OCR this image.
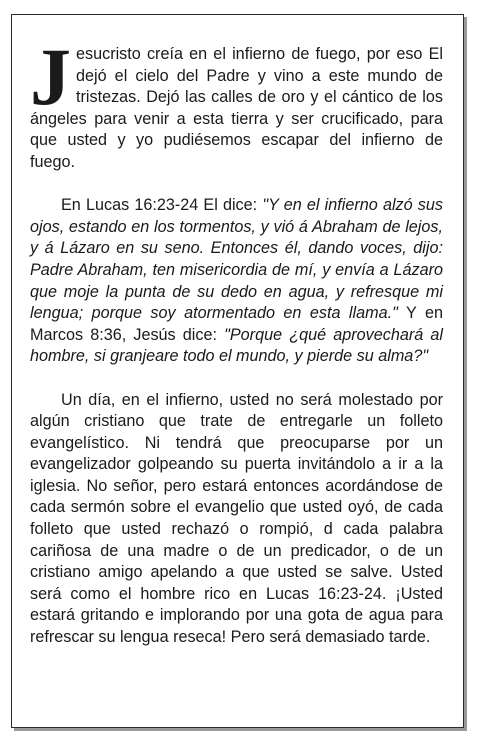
Jesucristo creía en el infierno de fuego, por eso El dejó el cielo del Padre y vino a este mundo de tristezas. Dejó las calles de oro y el cántico de los ángeles para venir a esta tierra y ser crucificado, para que usted y yo pudiésemos escapar del infierno de fuego.

En Lucas 16:23-24 El dice: "Y en el infierno alzó sus ojos, estando en los tormentos, y vió á Abraham de lejos, y á Lázaro en su seno. Entonces él, dando voces, dijo: Padre Abraham, ten misericordia de mí, y envía a Lázaro que moje la punta de su dedo en agua, y refresque mi lengua; porque soy atormentado en esta llama." Y en Marcos 8:36, Jesús dice: "Porque ¿qué aprovechará al hombre, si granjeare todo el mundo, y pierde su alma?"

Un día, en el infierno, usted no será molestado por algún cristiano que trate de entregarle un folleto evangelístico. Ni tendrá que preocuparse por un evangelizador golpeando su puerta invitándolo a ir a la iglesia. No señor, pero estará entonces acordándose de cada sermón sobre el evangelio que usted oyó, de cada folleto que usted rechazó o rompió, d cada palabra cariñosa de una madre o de un predicador, o de un cristiano amigo apelando a que usted se salve. Usted será como el hombre rico en Lucas 16:23-24. ¡Usted estará gritando e implorando por una gota de agua para refrescar su lengua reseca! Pero será demasiado tarde.
